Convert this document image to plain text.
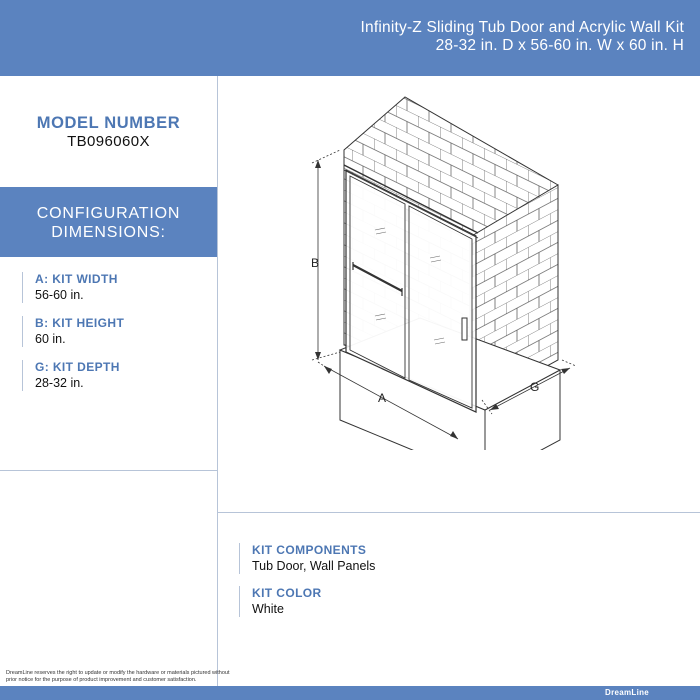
Infinity-Z Sliding Tub Door and Acrylic Wall Kit
28-32 in. D x 56-60 in. W x 60 in. H
MODEL NUMBER
TB096060X
CONFIGURATION
DIMENSIONS:
A: KIT WIDTH
56-60 in.
B: KIT HEIGHT
60 in.
G: KIT DEPTH
28-32 in.
B
A
G
KIT COMPONENTS
Tub Door, Wall Panels
KIT COLOR
White
DreamLine reserves the right to update or modify the hardware or materials pictured without
prior notice for the purpose of product improvement and customer satisfaction.
DreamLine
